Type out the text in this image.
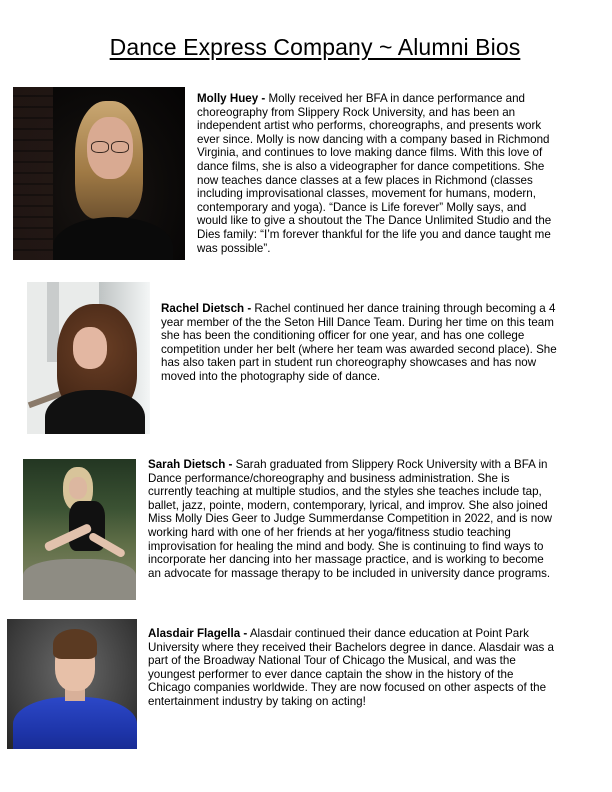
Dance Express Company ~ Alumni Bios

Molly Huey - Molly received her BFA in dance performance and choreography from Slippery Rock University, and has been an independent artist who performs, choreographs, and presents work ever since. Molly is now dancing with a company based in Richmond Virginia, and continues to love making dance films. With this love of dance films, she is also a videographer for dance competitions. She now teaches dance classes at a few places in Richmond (classes including improvisational classes, movement for humans, modern, contemporary and yoga). “Dance is Life forever” Molly says, and would like to give a shoutout the The Dance Unlimited Studio and the Dies family: “I’m forever thankful for the life you and dance taught me was possible”.

Rachel Dietsch - Rachel continued her dance training through becoming a 4 year member of the the Seton Hill Dance Team. During her time on this team she has been the conditioning officer for one year, and has one college competition under her belt (where her team was awarded second place). She has also taken part in student run choreography showcases and has now moved into the photography side of dance.

Sarah Dietsch - Sarah graduated from Slippery Rock University with a BFA in Dance performance/choreography and business administration. She is currently teaching at multiple studios, and the styles she teaches include tap, ballet, jazz, pointe, modern, contemporary, lyrical, and improv. She also joined Miss Molly Dies Geer to Judge Summerdanse Competition in 2022, and is now working hard with one of her friends at her yoga/fitness studio teaching improvisation for healing the mind and body. She is continuing to find ways to incorporate her dancing into her massage practice, and is working to become an advocate for massage therapy to be included in university dance programs.

Alasdair Flagella - Alasdair continued their dance education at Point Park University where they received their Bachelors degree in dance. Alasdair was a part of the Broadway National Tour of Chicago the Musical, and was the youngest performer to ever dance captain the show in the history of the Chicago companies worldwide. They are now focused on other aspects of the entertainment industry by taking on acting!
